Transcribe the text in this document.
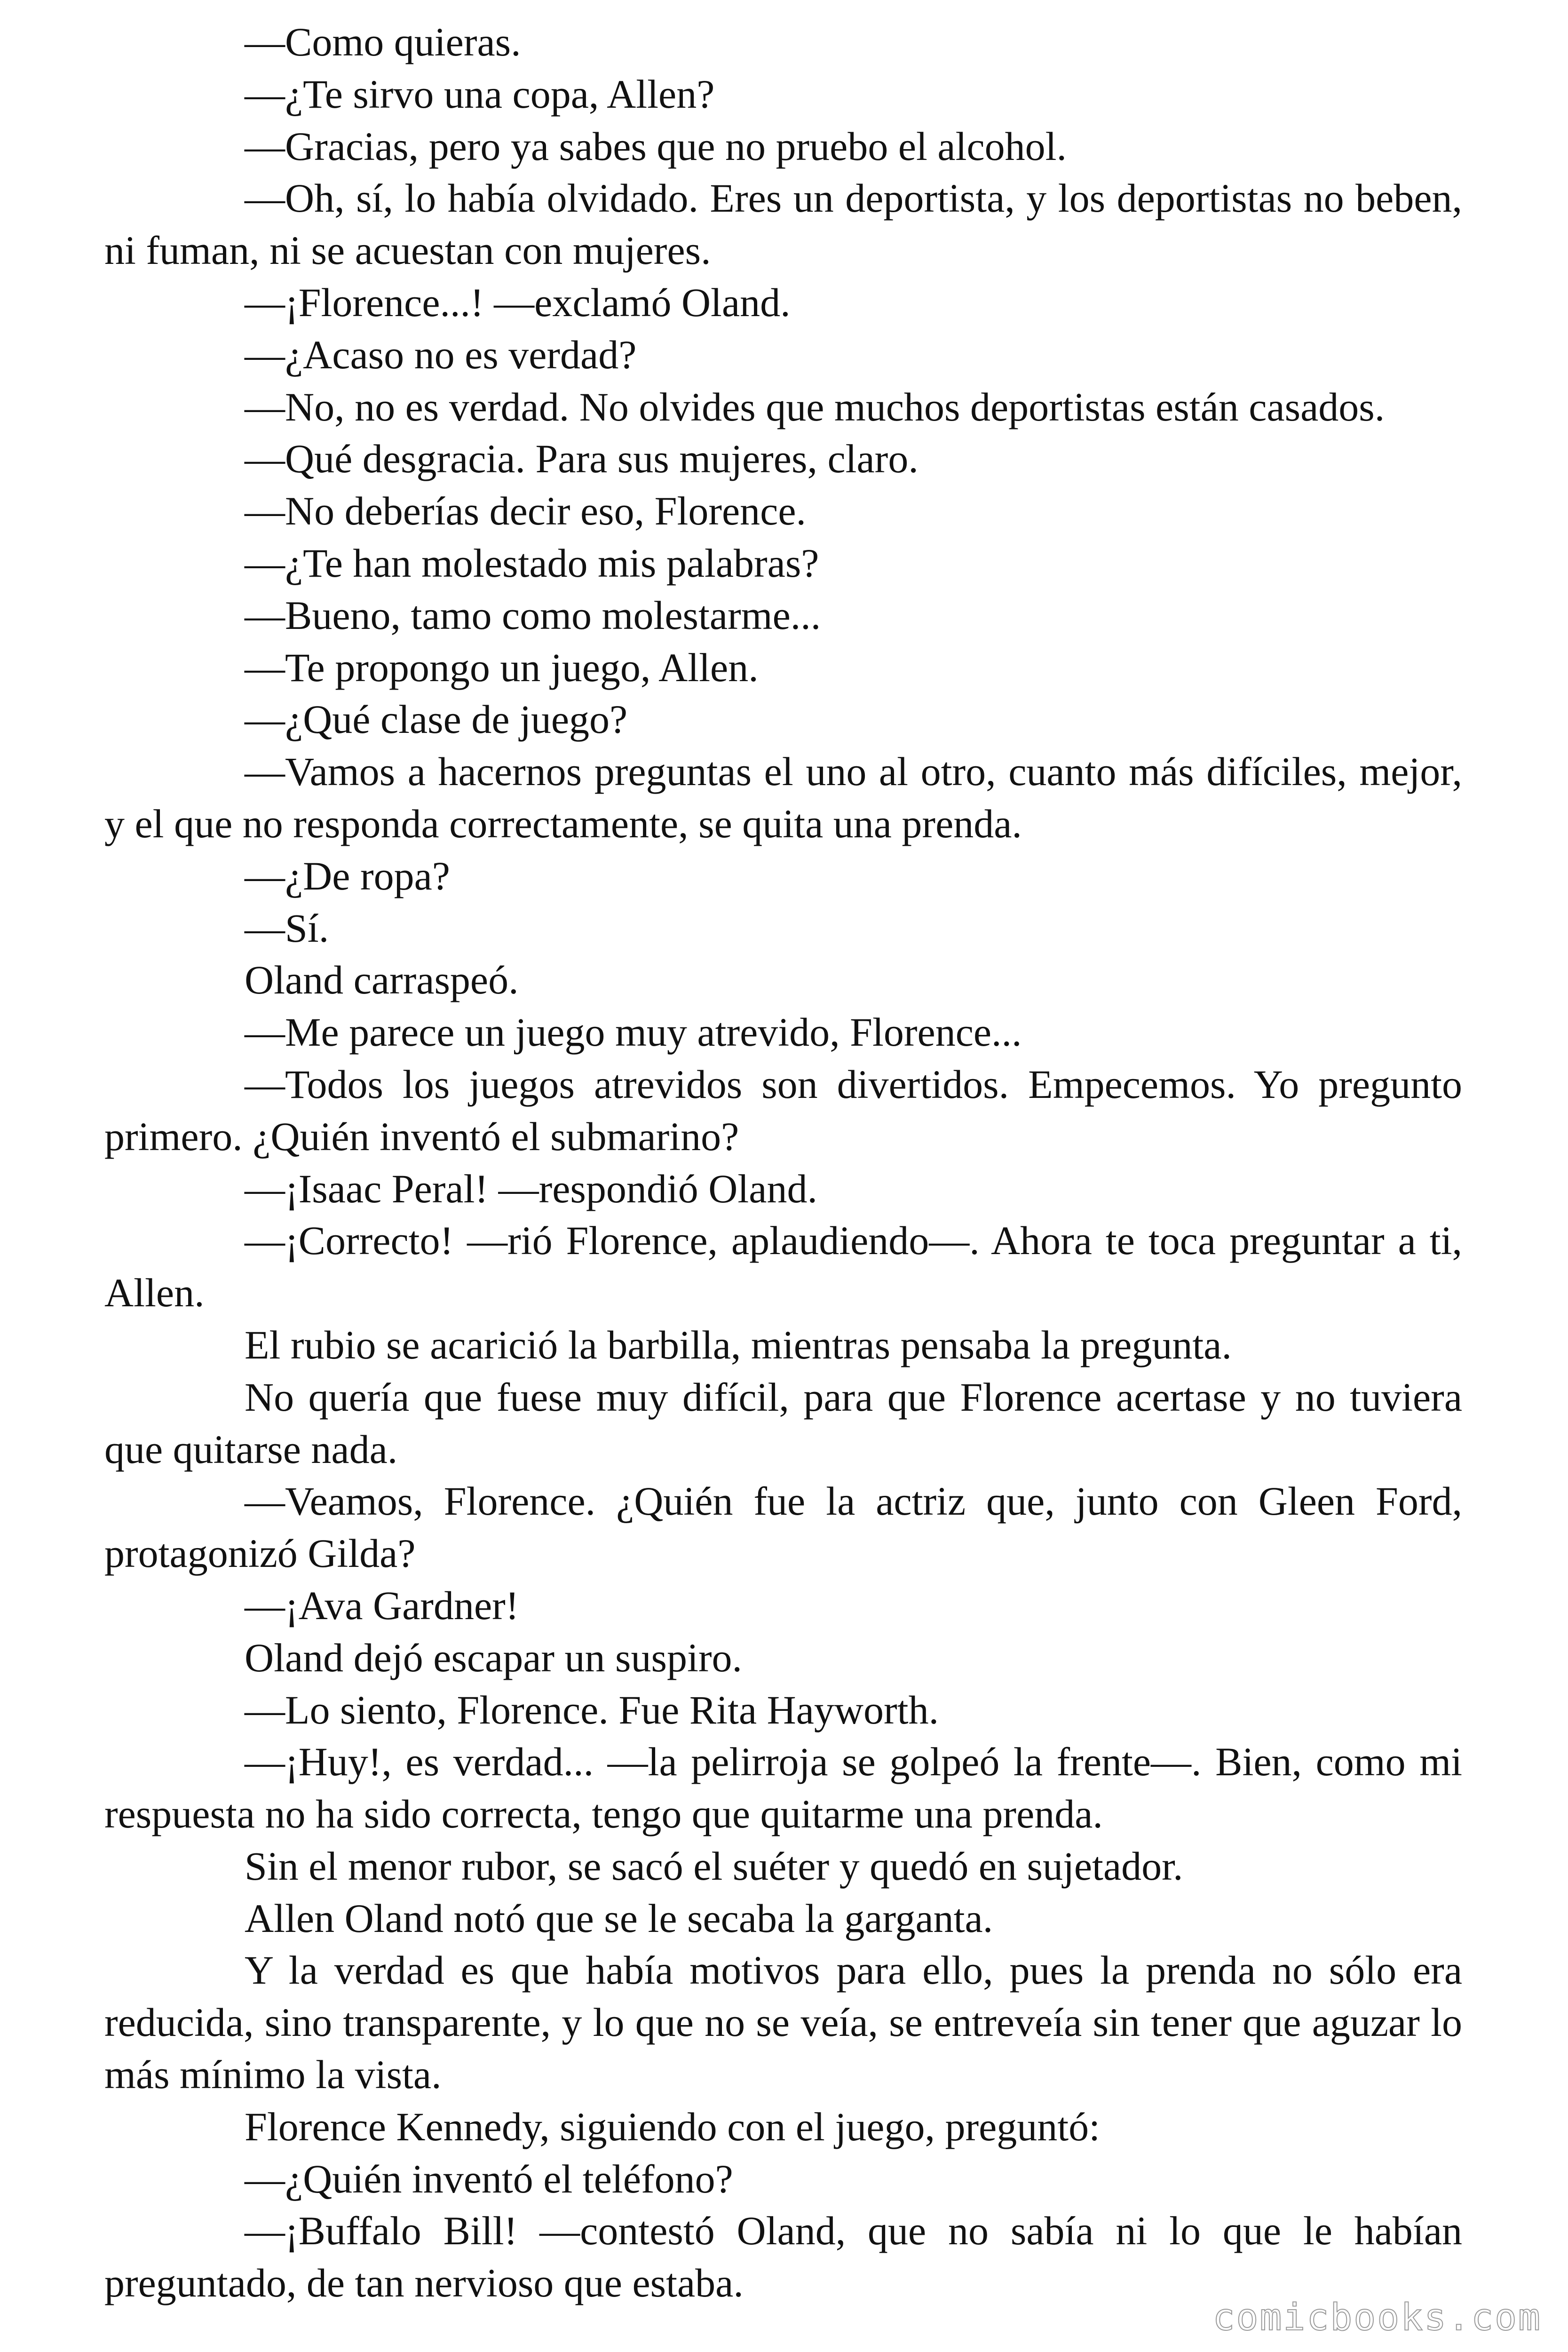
—Como quieras.

—¿Te sirvo una copa, Allen?

—Gracias, pero ya sabes que no pruebo el alcohol.

—Oh, sí, lo había olvidado. Eres un deportista, y los deportistas no beben, ni fuman, ni se acuestan con mujeres.

—¡Florence...! —exclamó Oland.

—¿Acaso no es verdad?

—No, no es verdad. No olvides que muchos deportistas están casados.

—Qué desgracia. Para sus mujeres, claro.

—No deberías decir eso, Florence.

—¿Te han molestado mis palabras?

—Bueno, tamo como molestarme...

—Te propongo un juego, Allen.

—¿Qué clase de juego?

—Vamos a hacernos preguntas el uno al otro, cuanto más difíciles, mejor, y el que no responda correctamente, se quita una prenda.

—¿De ropa?

—Sí.

Oland carraspeó.

—Me parece un juego muy atrevido, Florence...

—Todos los juegos atrevidos son divertidos. Empecemos. Yo pregunto primero. ¿Quién inventó el submarino?

—¡Isaac Peral! —respondió Oland.

—¡Correcto! —rió Florence, aplaudiendo—. Ahora te toca preguntar a ti, Allen.

El rubio se acarició la barbilla, mientras pensaba la pregunta.

No quería que fuese muy difícil, para que Florence acertase y no tuviera que quitarse nada.

—Veamos, Florence. ¿Quién fue la actriz que, junto con Gleen Ford, protagonizó Gilda?

—¡Ava Gardner!

Oland dejó escapar un suspiro.

—Lo siento, Florence. Fue Rita Hayworth.

—¡Huy!, es verdad... —la pelirroja se golpeó la frente—. Bien, como mi respuesta no ha sido correcta, tengo que quitarme una prenda.

Sin el menor rubor, se sacó el suéter y quedó en sujetador.

Allen Oland notó que se le secaba la garganta.

Y la verdad es que había motivos para ello, pues la prenda no sólo era reducida, sino transparente, y lo que no se veía, se entreveía sin tener que aguzar lo más mínimo la vista.

Florence Kennedy, siguiendo con el juego, preguntó:

—¿Quién inventó el teléfono?

—¡Buffalo Bill! —contestó Oland, que no sabía ni lo que le habían preguntado, de tan nervioso que estaba.

comicbooks.com
